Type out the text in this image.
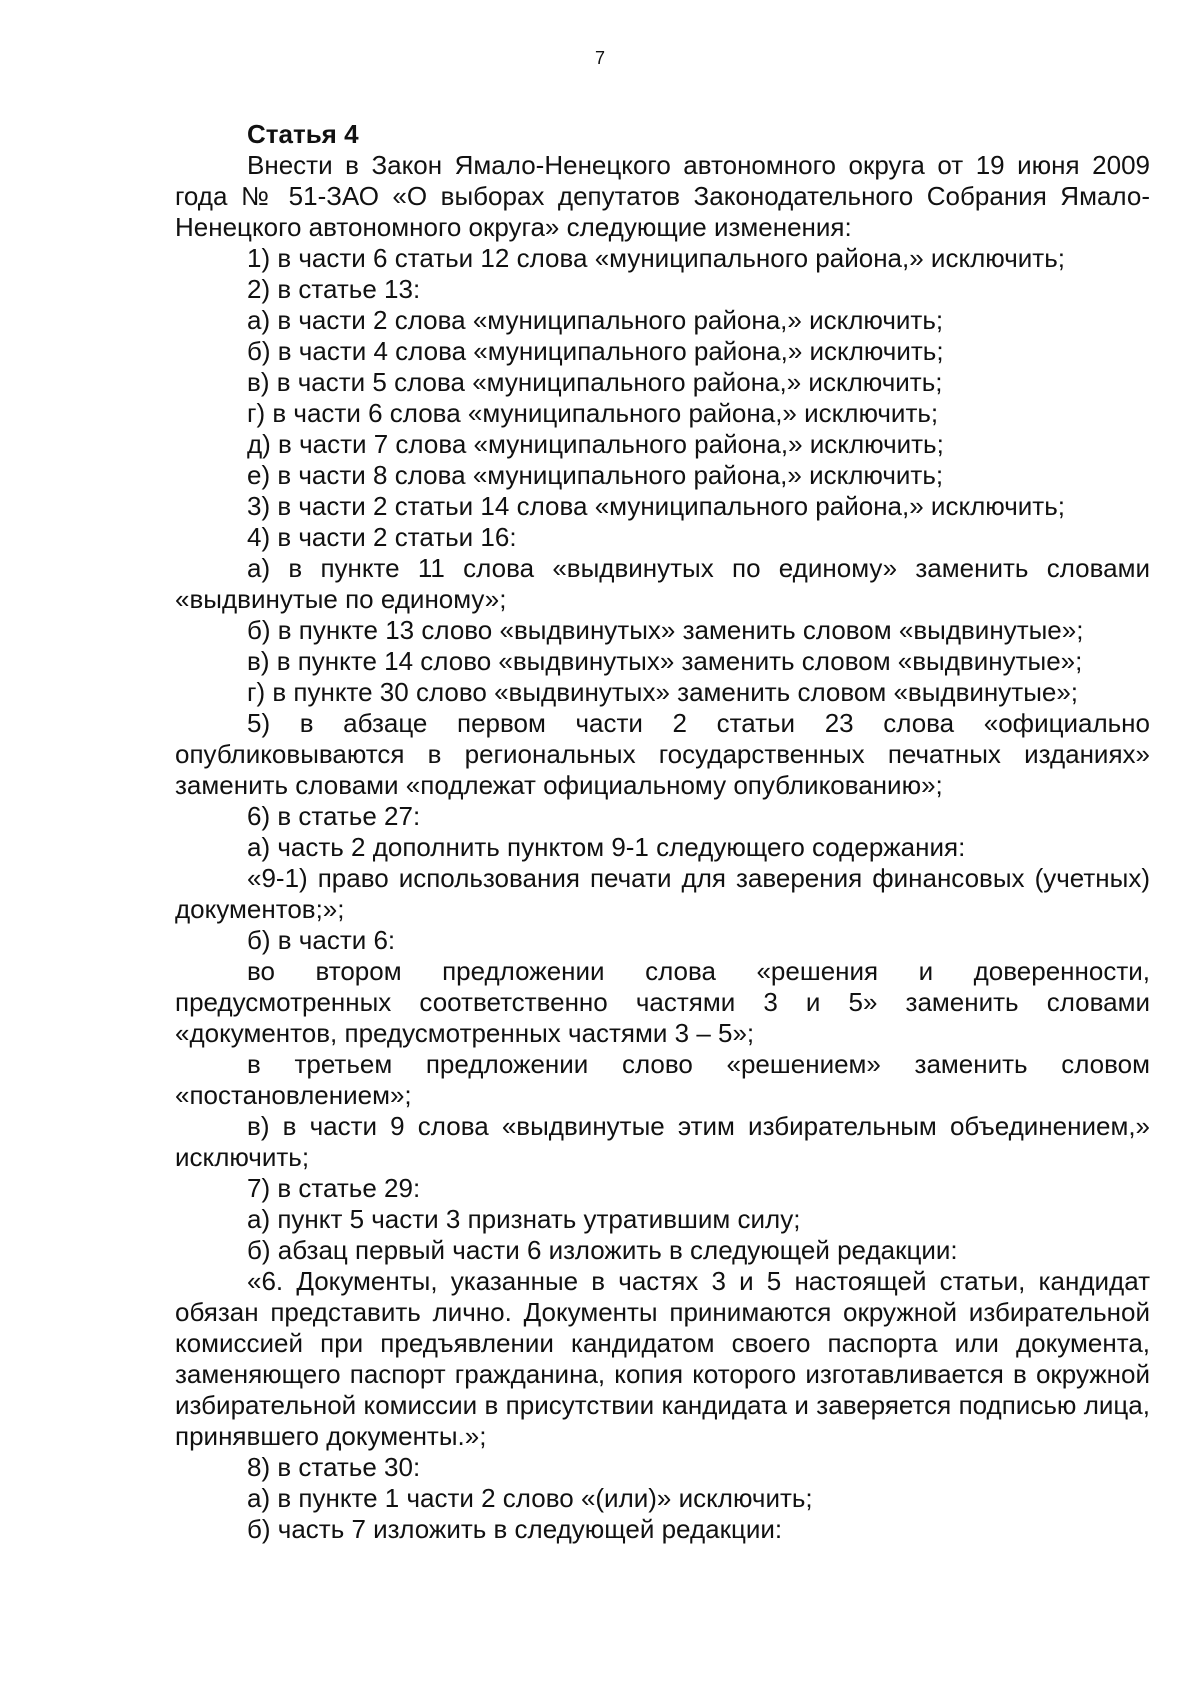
7

Статья 4

Внести в Закон Ямало-Ненецкого автономного округа от 19 июня 2009 года № 51-ЗАО «О выборах депутатов Законодательного Собрания Ямало-Ненецкого автономного округа» следующие изменения:

1) в части 6 статьи 12 слова «муниципального района,» исключить;

2) в статье 13:

а) в части 2 слова «муниципального района,» исключить;

б) в части 4 слова «муниципального района,» исключить;

в) в части 5 слова «муниципального района,» исключить;

г) в части 6 слова «муниципального района,» исключить;

д) в части 7 слова «муниципального района,» исключить;

е) в части 8 слова «муниципального района,» исключить;

3) в части 2 статьи 14 слова «муниципального района,» исключить;

4) в части 2 статьи 16:

а) в пункте 11 слова «выдвинутых по единому» заменить словами «выдвинутые по единому»;

б) в пункте 13 слово «выдвинутых» заменить словом «выдвинутые»;

в) в пункте 14 слово «выдвинутых» заменить словом «выдвинутые»;

г) в пункте 30 слово «выдвинутых» заменить словом «выдвинутые»;

5) в абзаце первом части 2 статьи 23 слова «официально опубликовываются в региональных государственных печатных изданиях» заменить словами «подлежат официальному опубликованию»;

6) в статье 27:

а) часть 2 дополнить пунктом 9-1 следующего содержания:

«9-1) право использования печати для заверения финансовых (учетных) документов;»;

б) в части 6:

во втором предложении слова «решения и доверенности, предусмотренных соответственно частями 3 и 5» заменить словами «документов, предусмотренных частями 3 – 5»;

в третьем предложении слово «решением» заменить словом «постановлением»;

в) в части 9 слова «выдвинутые этим избирательным объединением,» исключить;

7) в статье 29:

а) пункт 5 части 3 признать утратившим силу;

б) абзац первый части 6 изложить в следующей редакции:

«6. Документы, указанные в частях 3 и 5 настоящей статьи, кандидат обязан представить лично. Документы принимаются окружной избирательной комиссией при предъявлении кандидатом своего паспорта или документа, заменяющего паспорт гражданина, копия которого изготавливается в окружной избирательной комиссии в присутствии кандидата и заверяется подписью лица, принявшего документы.»;

8) в статье 30:

а) в пункте 1 части 2 слово «(или)» исключить;

б) часть 7 изложить в следующей редакции:
